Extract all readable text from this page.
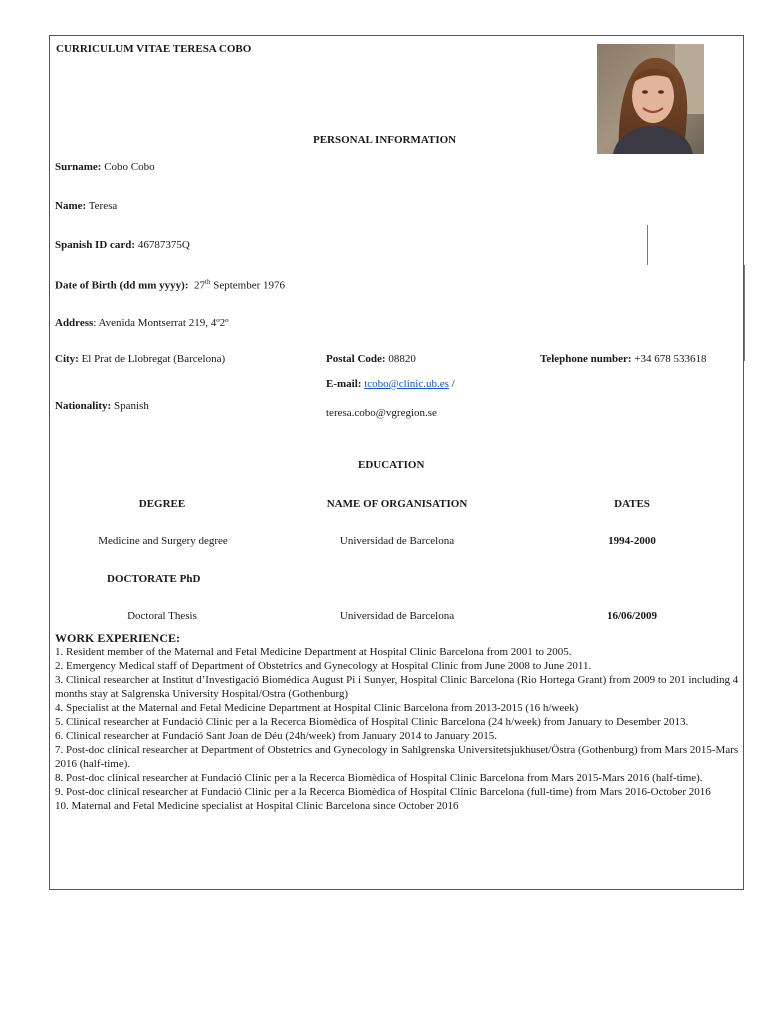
CURRICULUM VITAE TERESA COBO
PERSONAL INFORMATION
Surname: Cobo Cobo
Name: Teresa
Spanish ID card: 46787375Q
Date of Birth (dd mm yyyy): 27th September 1976
Address: Avenida Montserrat 219, 4º2º
City: El Prat de Llobregat (Barcelona)	Postal Code: 08820	Telephone number: +34 678 533618
E-mail: tcobo@clinic.ub.es /
Nationality: Spanish
teresa.cobo@vgregion.se
EDUCATION
DEGREE	NAME OF ORGANISATION	DATES
Medicine and Surgery degree	Universidad de Barcelona	1994-2000
DOCTORATE PhD
Doctoral Thesis	Universidad de Barcelona	16/06/2009
WORK EXPERIENCE:

1. Resident member of the Maternal and Fetal Medicine Department at Hospital Clinic Barcelona from 2001 to 2005.

2. Emergency Medical staff of Department of Obstetrics and Gynecology at Hospital Clinic from June 2008 to June 2011.

3. Clinical researcher at Institut d’Investigació Biomédica August Pi i Sunyer, Hospital Clinic Barcelona (Rio Hortega Grant) from 2009 to 201 including 4 months stay at Salgrenska University Hospital/Ostra (Gothenburg)

4. Specialist at the Maternal and Fetal Medicine Department at Hospital Clinic Barcelona from 2013-2015 (16 h/week)

5. Clinical researcher at Fundació Clinic per a la Recerca Biomèdica of Hospital Clinic Barcelona (24 h/week) from January to Desember 2013.

6. Clinical researcher at Fundació Sant Joan de Déu (24h/week) from January 2014 to January 2015.

7. Post-doc clinical researcher at Department of Obstetrics and Gynecology in Sahlgrenska Universitetsjukhuset/Östra (Gothenburg) from Mars 2015-Mars 2016 (half-time).

8. Post-doc clinical researcher at Fundació Clinic per a la Recerca Biomèdica of Hospital Clinic Barcelona from Mars 2015-Mars 2016 (half-time).

9. Post-doc clinical researcher at Fundació Clinic per a la Recerca Biomèdica of Hospital Clinic Barcelona (full-time) from Mars 2016-October 2016

10. Maternal and Fetal Medicine specialist at Hospital Clinic Barcelona since October 2016
